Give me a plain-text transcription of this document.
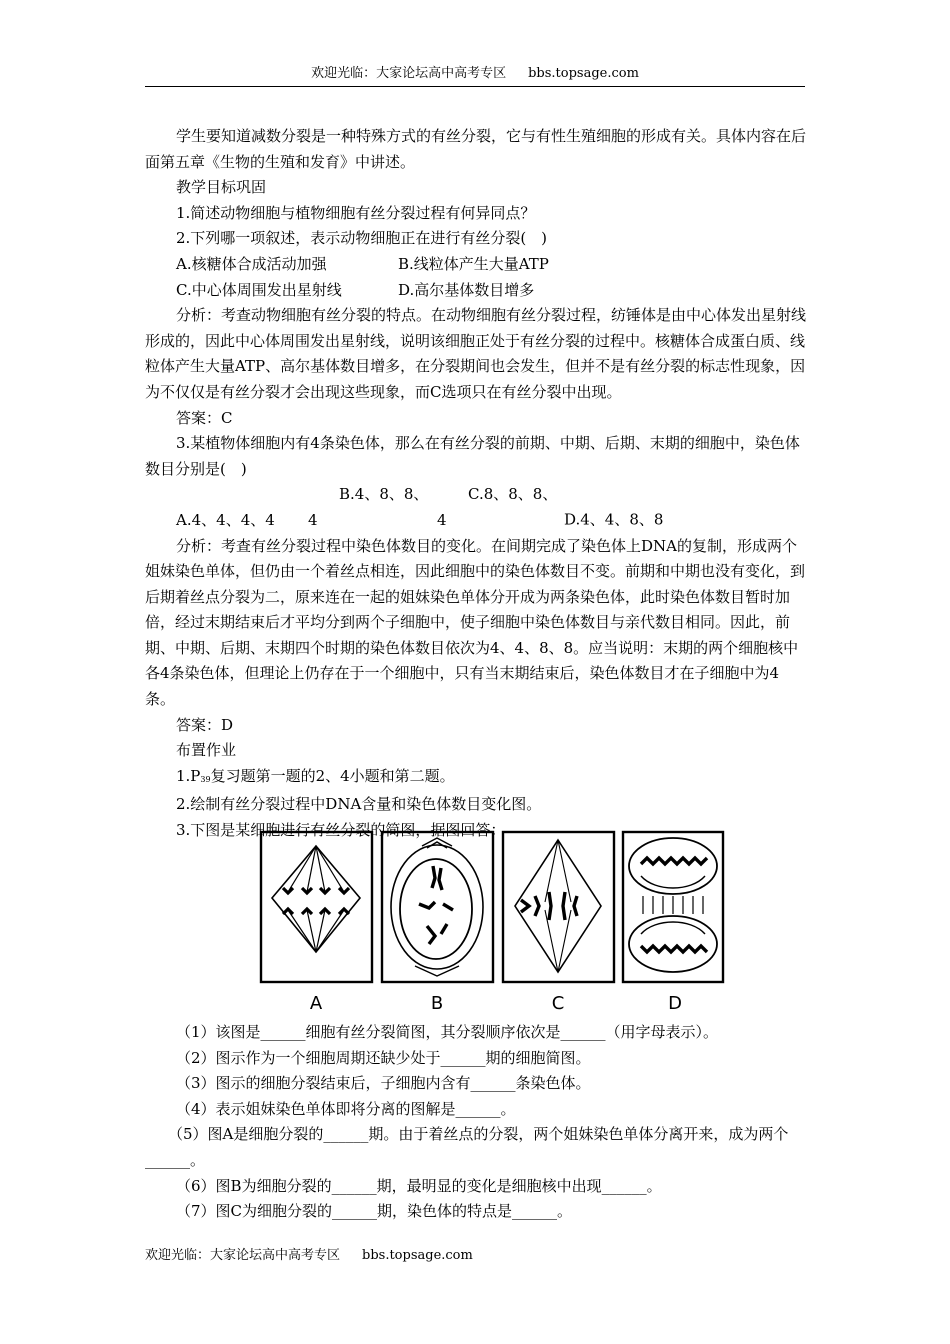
欢迎光临：大家论坛高中高考专区 bbs.topsage.com

学生要知道减数分裂是一种特殊方式的有丝分裂，它与有性生殖细胞的形成有关。具体内容在后面第五章《生物的生殖和发育》中讲述。

教学目标巩固

1.简述动物细胞与植物细胞有丝分裂过程有何异同点？

2.下列哪一项叙述，表示动物细胞正在进行有丝分裂(　)

A.核糖体合成活动加强	B.线粒体产生大量ATP

C.中心体周围发出星射线	D.高尔基体数目增多

分析：考查动物细胞有丝分裂的特点。在动物细胞有丝分裂过程，纺锤体是由中心体发出星射线形成的，因此中心体周围发出星射线，说明该细胞正处于有丝分裂的过程中。核糖体合成蛋白质、线粒体产生大量ATP、高尔基体数目增多，在分裂期间也会发生，但并不是有丝分裂的标志性现象，因为不仅仅是有丝分裂才会出现这些现象，而C选项只在有丝分裂中出现。

答案：C

3.某植物体细胞内有4条染色体，那么在有丝分裂的前期、中期、后期、末期的细胞中，染色体数目分别是(　)

A.4、4、4、4B.4、8、8、4C.8、8、8、4	D.4、4、8、8

分析：考查有丝分裂过程中染色体数目的变化。在间期完成了染色体上DNA的复制，形成两个姐妹染色单体，但仍由一个着丝点相连，因此细胞中的染色体数目不变。前期和中期也没有变化，到后期着丝点分裂为二，原来连在一起的姐妹染色单体分开成为两条染色体，此时染色体数目暂时加倍，经过末期结束后才平均分到两个子细胞中，使子细胞中染色体数目与亲代数目相同。因此，前期、中期、后期、末期四个时期的染色体数目依次为4、4、8、8。应当说明：末期的两个细胞核中各4条染色体，但理论上仍存在于一个细胞中，只有当末期结束后，染色体数目才在子细胞中为4条。

答案：D

布置作业

$1.P_{39}$复习题第一题的2、4小题和第二题。

2.绘制有丝分裂过程中DNA含量和染色体数目变化图。

3.下图是某细胞进行有丝分裂的简图，据图回答：

A	B	C	D

（1）该图是______细胞有丝分裂简图，其分裂顺序依次是______（用字母表示）。

（2）图示作为一个细胞周期还缺少处于______期的细胞简图。

（3）图示的细胞分裂结束后，子细胞内含有______条染色体。

（4）表示姐妹染色单体即将分离的图解是______。

（5）图A是细胞分裂的______期。由于着丝点的分裂，两个姐妹染色单体分离开来，成为两个______。

（6）图B为细胞分裂的______期，最明显的变化是细胞核中出现______。

（7）图C为细胞分裂的______期，染色体的特点是______。

欢迎光临：大家论坛高中高考专区 bbs.topsage.com
